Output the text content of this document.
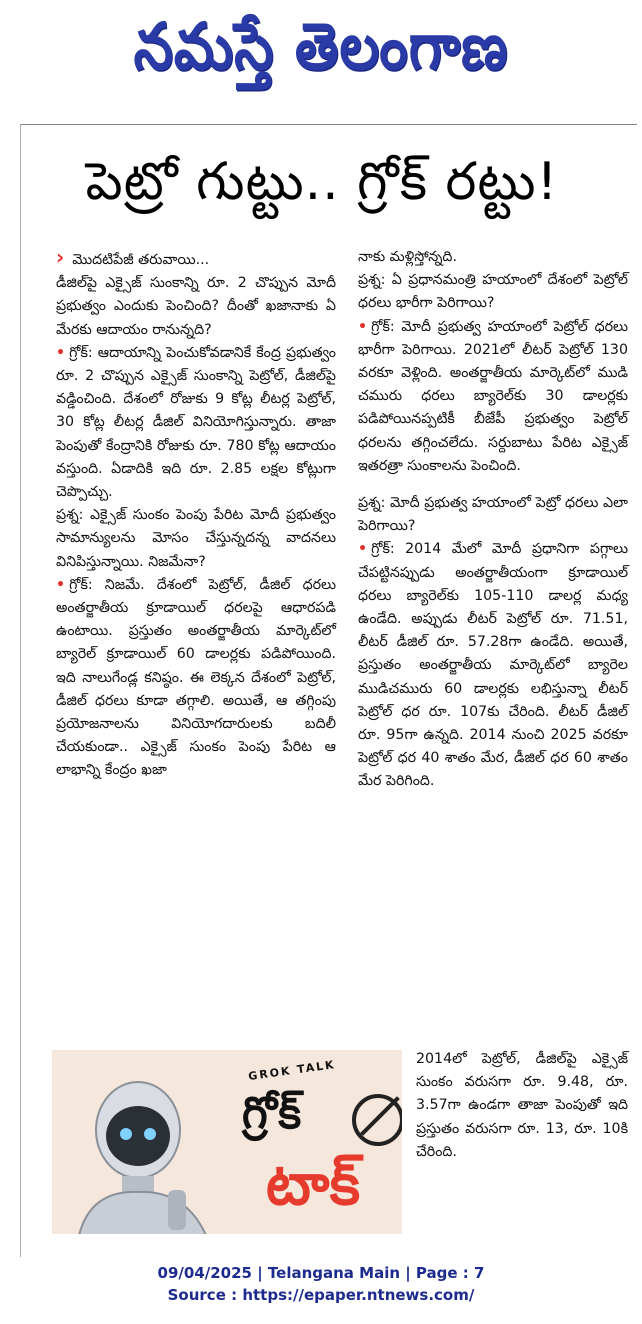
నమస్తే తెలంగాణ
పెట్రో గుట్టు.. గ్రోక్ రట్టు!

› మొదటిపేజీ తరువాయి...

డీజిల్‌పై ఎక్సైజ్ సుంకాన్ని రూ. 2 చొప్పున మోదీ ప్రభుత్వం ఎందుకు పెంచింది? దీంతో ఖజానాకు ఏ మేరకు ఆదాయం రానున్నది?

• గ్రోక్: ఆదాయాన్ని పెంచుకోవడానికే కేంద్ర ప్రభుత్వం రూ. 2 చొప్పున ఎక్సైజ్ సుంకాన్ని పెట్రోల్, డీజిల్‌పై వడ్డించింది. దేశంలో రోజుకు 9 కోట్ల లీటర్ల పెట్రోల్, 30 కోట్ల లీటర్ల డీజిల్ వినియోగిస్తున్నారు. తాజా పెంపుతో కేంద్రానికి రోజుకు రూ. 780 కోట్ల ఆదాయం వస్తుంది. ఏడాదికి ఇది రూ. 2.85 లక్షల కోట్లుగా చెప్పొచ్చు.

ప్రశ్న: ఎక్సైజ్ సుంకం పెంపు పేరిట మోదీ ప్రభుత్వం సామాన్యులను మోసం చేస్తున్నదన్న వాదనలు వినిపిస్తున్నాయి. నిజమేనా?

• గ్రోక్: నిజమే. దేశంలో పెట్రోల్, డీజిల్ ధరలు అంతర్జాతీయ క్రూడాయిల్ ధరలపై ఆధారపడి ఉంటాయి. ప్రస్తుతం అంతర్జాతీయ మార్కెట్‌లో బ్యారెల్ క్రూడాయిల్ 60 డాలర్లకు పడిపోయింది. ఇది నాలుగేండ్ల కనిష్ఠం. ఈ లెక్కన దేశంలో పెట్రోల్, డీజిల్ ధరలు కూడా తగ్గాలి. అయితే, ఆ తగ్గింపు ప్రయోజనాలను వినియోగదారులకు బదిలీ చేయకుండా.. ఎక్సైజ్ సుంకం పెంపు పేరిట ఆ లాభాన్ని కేంద్రం ఖజా

నాకు మళ్లిస్తోన్నది.

ప్రశ్న: ఏ ప్రధానమంత్రి హయాంలో దేశంలో పెట్రోల్ ధరలు భారీగా పెరిగాయి?

• గ్రోక్: మోదీ ప్రభుత్వ హయాంలో పెట్రోల్ ధరలు భారీగా పెరిగాయి. 2021లో లీటర్ పెట్రోల్ 130 వరకూ వెళ్లింది. అంతర్జాతీయ మార్కెట్‌లో ముడి చమురు ధరలు బ్యారెల్‌కు 30 డాలర్లకు పడిపోయినప్పటికీ బీజేపీ ప్రభుత్వం పెట్రోల్ ధరలను తగ్గించలేదు. సర్దుబాటు పేరిట ఎక్సైజ్ ఇతరత్రా సుంకాలను పెంచింది.

ప్రశ్న: మోదీ ప్రభుత్వ హయాంలో పెట్రో ధరలు ఎలా పెరిగాయి?

• గ్రోక్: 2014 మేలో మోదీ ప్రధానిగా పగ్గాలు చేపట్టినప్పుడు అంతర్జాతీయంగా క్రూడాయిల్ ధరలు బ్యారెల్‌కు 105-110 డాలర్ల మధ్య ఉండేది. అప్పుడు లీటర్ పెట్రోల్ రూ. 71.51, లీటర్ డీజిల్ రూ. 57.28గా ఉండేది. అయితే, ప్రస్తుతం అంతర్జాతీయ మార్కెట్‌లో బ్యారెల ముడిచమురు 60 డాలర్లకు లభిస్తున్నా లీటర్ పెట్రోల్ ధర రూ. 107కు చేరింది. లీటర్ డీజిల్ రూ. 95గా ఉన్నది. 2014 నుంచి 2025 వరకూ పెట్రోల్ ధర 40 శాతం మేర, డీజిల్ ధర 60 శాతం మేర పెరిగింది.

2014లో పెట్రోల్, డీజిల్‌పై ఎక్సైజ్ సుంకం వరుసగా రూ. 9.48, రూ. 3.57గా ఉండగా తాజా పెంపుతో ఇది ప్రస్తుతం వరుసగా రూ. 13, రూ. 10కి చేరింది.

GROK TALK
గ్రోక్
టాక్
09/04/2025 | Telangana Main | Page : 7
Source : https://epaper.ntnews.com/
